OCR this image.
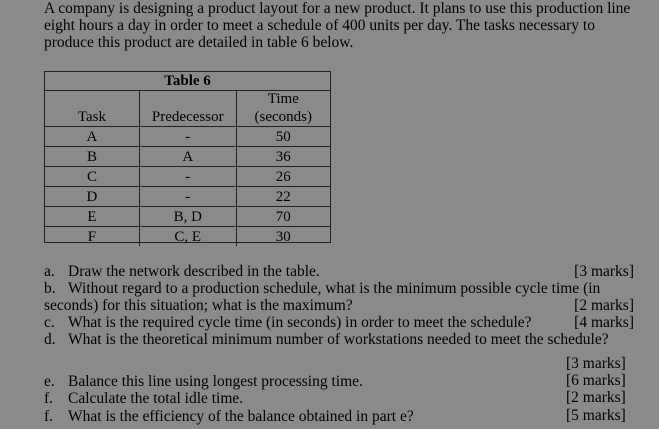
A company is designing a product layout for a new product. It plans to use this production line
eight hours a day in order to meet a schedule of 400 units per day. The tasks necessary to
produce this product are detailed in table 6 below.
Table 6
Task	Predecessor	Time
(seconds)

A	-	50
B	A	36
C	-	26
D	-	22
E	B, D	70
F	C, E	30
a. Draw the network described in the table.	[3 marks]
b. Without regard to a production schedule, what is the minimum possible cycle time (in
seconds) for this situation; what is the maximum?	[2 marks]
c. What is the required cycle time (in seconds) in order to meet the schedule?	[4 marks]
d. What is the theoretical minimum number of workstations needed to meet the schedule?
[3 marks]
e. Balance this line using longest processing time.	[6 marks]
f. Calculate the total idle time.	[2 marks]
f. What is the efficiency of the balance obtained in part e?	[5 marks]
